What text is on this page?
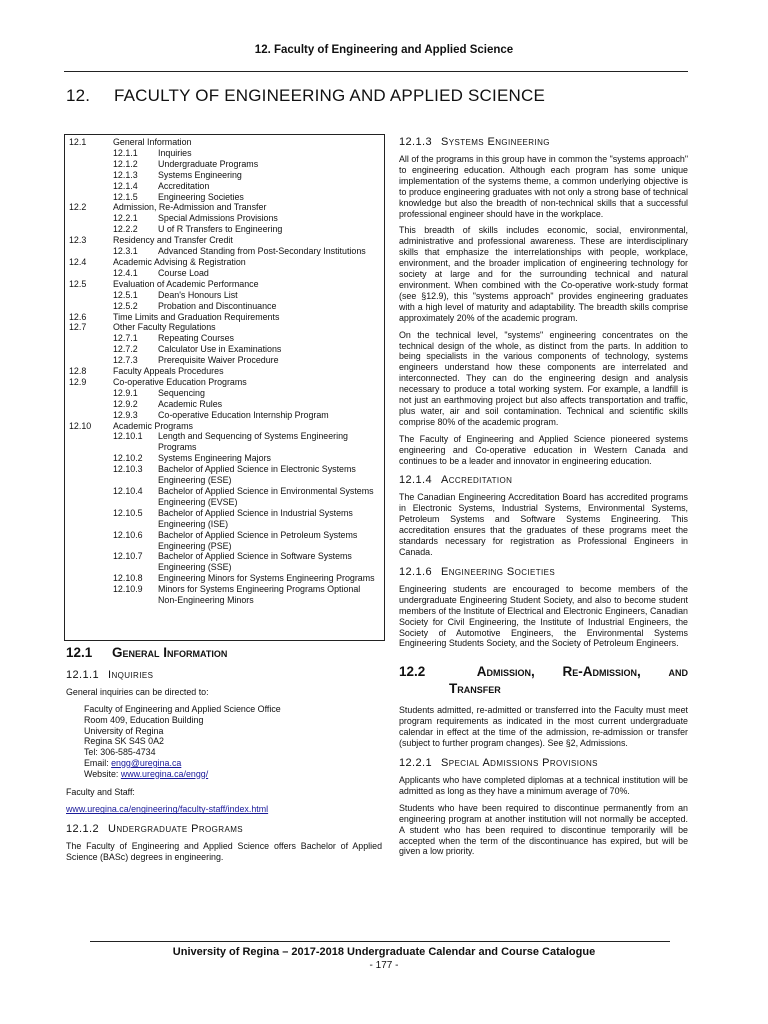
12. Faculty of Engineering and Applied Science
12. FACULTY OF ENGINEERING AND APPLIED SCIENCE
12.1	General Information
12.1.1	Inquiries
12.1.2	Undergraduate Programs
12.1.3	Systems Engineering
12.1.4	Accreditation
12.1.5	Engineering Societies
12.2	Admission, Re-Admission and Transfer
12.2.1	Special Admissions Provisions
12.2.2	U of R Transfers to Engineering
12.3	Residency and Transfer Credit
12.3.1	Advanced Standing from Post-Secondary Institutions
12.4	Academic Advising & Registration
12.4.1	Course Load
12.5	Evaluation of Academic Performance
12.5.1	Dean's Honours List
12.5.2	Probation and Discontinuance
12.6	Time Limits and Graduation Requirements
12.7	Other Faculty Regulations
12.7.1	Repeating Courses
12.7.2	Calculator Use in Examinations
12.7.3	Prerequisite Waiver Procedure
12.8	Faculty Appeals Procedures
12.9	Co-operative Education Programs
12.9.1	Sequencing
12.9.2	Academic Rules
12.9.3	Co-operative Education Internship Program
12.10	Academic Programs
12.10.1	Length and Sequencing of Systems Engineering Programs
12.10.2	Systems Engineering Majors
12.10.3	Bachelor of Applied Science in Electronic Systems Engineering (ESE)
12.10.4	Bachelor of Applied Science in Environmental Systems Engineering (EVSE)
12.10.5	Bachelor of Applied Science in Industrial Systems Engineering (ISE)
12.10.6	Bachelor of Applied Science in Petroleum Systems Engineering (PSE)
12.10.7	Bachelor of Applied Science in Software Systems Engineering (SSE)
12.10.8	Engineering Minors for Systems Engineering Programs
12.10.9	Minors for Systems Engineering Programs Optional Non-Engineering Minors
12.1 General Information
12.1.1 Inquiries

General inquiries can be directed to:

Faculty of Engineering and Applied Science Office
Room 409, Education Building
University of Regina
Regina SK S4S 0A2
Tel: 306-585-4734
Email: engg@uregina.ca
Website: www.uregina.ca/engg/

Faculty and Staff:

www.uregina.ca/engineering/faculty-staff/index.html

12.1.2 Undergraduate Programs

The Faculty of Engineering and Applied Science offers Bachelor of Applied Science (BASc) degrees in engineering.

12.1.3 Systems Engineering

All of the programs in this group have in common the "systems approach" to engineering education. Although each program has some unique implementation of the systems theme, a common underlying objective is to produce engineering graduates with not only a strong base of technical knowledge but also the breadth of non-technical skills that a successful professional engineer should have in the workplace.

This breadth of skills includes economic, social, environmental, administrative and professional awareness. These are interdisciplinary skills that emphasize the interrelationships with people, workplace, environment, and the broader implication of engineering technology for society at large and for the surrounding technical and natural environment. When combined with the Co-operative work-study format (see §12.9), this "systems approach" provides engineering graduates with a high level of maturity and adaptability. The breadth skills comprise approximately 20% of the academic program.

On the technical level, "systems" engineering concentrates on the technical design of the whole, as distinct from the parts. In addition to being specialists in the various components of technology, systems engineers understand how these components are interrelated and interconnected. They can do the engineering design and analysis necessary to produce a total working system. For example, a landfill is not just an earthmoving project but also affects transportation and traffic, plus water, air and soil contamination. Technical and scientific skills comprise 80% of the academic program.

The Faculty of Engineering and Applied Science pioneered systems engineering and Co-operative education in Western Canada and continues to be a leader and innovator in engineering education.

12.1.4 Accreditation

The Canadian Engineering Accreditation Board has accredited programs in Electronic Systems, Industrial Systems, Environmental Systems, Petroleum Systems and Software Systems Engineering. This accreditation ensures that the graduates of these programs meet the standards necessary for registration as Professional Engineers in Canada.

12.1.6 Engineering Societies

Engineering students are encouraged to become members of the undergraduate Engineering Student Society, and also to become student members of the Institute of Electrical and Electronic Engineers, Canadian Society for Civil Engineering, the Institute of Industrial Engineers, the Society of Automotive Engineers, the Environmental Systems Engineering Students Society, and the Society of Petroleum Engineers.

12.2	Admission, Re-Admission, and
Transfer

Students admitted, re-admitted or transferred into the Faculty must meet program requirements as indicated in the most current undergraduate calendar in effect at the time of the admission, re-admission or transfer (subject to further program changes). See §2, Admissions.

12.2.1 Special Admissions Provisions

Applicants who have completed diplomas at a technical institution will be admitted as long as they have a minimum average of 70%.

Students who have been required to discontinue permanently from an engineering program at another institution will not normally be accepted. A student who has been required to discontinue temporarily will be accepted when the term of the discontinuance has expired, but will be given a low priority.

University of Regina – 2017-2018 Undergraduate Calendar and Course Catalogue
- 177 -
